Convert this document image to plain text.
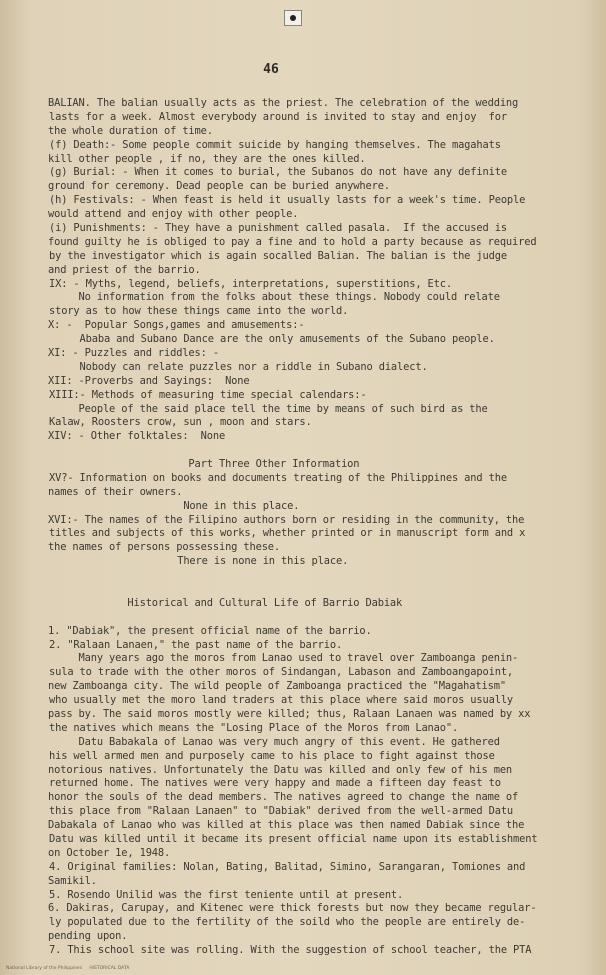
46
BALIAN. The balian usually acts as the priest. The celebration of the wedding
lasts for a week. Almost everybody around is invited to stay and enjoy  for
the whole duration of time.
(f) Death:- Some people commit suicide by hanging themselves. The magahats
kill other people , if no, they are the ones killed.
(g) Burial: - When it comes to burial, the Subanos do not have any definite
ground for ceremony. Dead people can be buried anywhere.
(h) Festivals: - When feast is held it usually lasts for a week's time. People
would attend and enjoy with other people.
(i) Punishments: - They have a punishment called pasala.  If the accused is
found guilty he is obliged to pay a fine and to hold a party because as required
by the investigator which is again socalled Balian. The balian is the judge
and priest of the barrio.
IX: - Myths, legend, beliefs, interpretations, superstitions, Etc.
No information from the folks about these things. Nobody could relate
story as to how these things came into the world.
X: -  Popular Songs,games and amusements:-
Ababa and Subano Dance are the only amusements of the Subano people.
XI: - Puzzles and riddles: -
Nobody can relate puzzles nor a riddle in Subano dialect.
XII: -Proverbs and Sayings:  None
XIII:- Methods of measuring time special calendars:-
People of the said place tell the time by means of such bird as the
Kalaw, Roosters crow, sun , moon and stars.
XIV: - Other folktales:  None
Part Three Other Information
XV?- Information on books and documents treating of the Philippines and the
names of their owners.
None in this place.
XVI:- The names of the Filipino authors born or residing in the community, the
titles and subjects of this works, whether printed or in manuscript form and x
the names of persons possessing these.
There is none in this place.
Historical and Cultural Life of Barrio Dabiak
1. "Dabiak", the present official name of the barrio.
2. "Ralaan Lanaen," the past name of the barrio.
Many years ago the moros from Lanao used to travel over Zamboanga penin-
sula to trade with the other moros of Sindangan, Labason and Zamboangapoint,
new Zamboanga city. The wild people of Zamboanga practiced the "Magahatism"
who usually met the moro land traders at this place where said moros usually
pass by. The said moros mostly were killed; thus, Ralaan Lanaen was named by xx
the natives which means the "Losing Place of the Moros from Lanao".
Datu Babakala of Lanao was very much angry of this event. He gathered
his well armed men and purposely came to his place to fight against those
notorious natives. Unfortunately the Datu was killed and only few of his men
returned home. The natives were very happy and made a fifteen day feast to
honor the souls of the dead members. The natives agreed to change the name of
this place from "Ralaan Lanaen" to "Dabiak" derived from the well-armed Datu
Dabakala of Lanao who was killed at this place was then named Dabiak since the
Datu was killed until it became its present official name upon its establishment
on October 1e, 1948.
4. Original families: Nolan, Bating, Balitad, Simino, Sarangaran, Tomiones and
Samikil.
5. Rosendo Unilid was the first teniente until at present.
6. Dakiras, Carupay, and Kitenec were thick forests but now they became regular-
ly populated due to the fertility of the soild who the people are entirely de-
pending upon.
7. This school site was rolling. With the suggestion of school teacher, the PTA
National Library of the Philippines     HISTORICAL DATA
